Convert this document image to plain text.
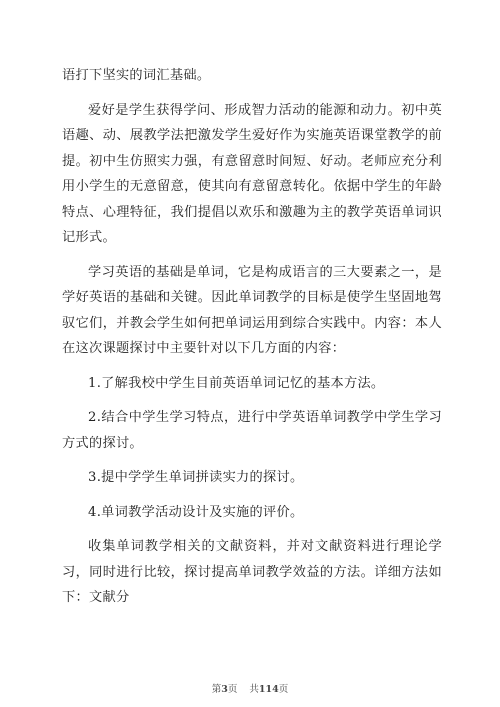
语打下坚实的词汇基础。

爱好是学生获得学问、形成智力活动的能源和动力。初中英语趣、动、展教学法把激发学生爱好作为实施英语课堂教学的前提。初中生仿照实力强，有意留意时间短、好动。老师应充分利用小学生的无意留意，使其向有意留意转化。依据中学生的年龄特点、心理特征，我们提倡以欢乐和激趣为主的教学英语单词识记形式。

学习英语的基础是单词，它是构成语言的三大要素之一，是学好英语的基础和关键。因此单词教学的目标是使学生坚固地驾驭它们，并教会学生如何把单词运用到综合实践中。内容：本人在这次课题探讨中主要针对以下几方面的内容：

1.了解我校中学生目前英语单词记忆的基本方法。

2.结合中学生学习特点，进行中学英语单词教学中学生学习方式的探讨。

3.提中学学生单词拼读实力的探讨。

4.单词教学活动设计及实施的评价。

收集单词教学相关的文献资料，并对文献资料进行理论学习，同时进行比较，探讨提高单词教学效益的方法。详细方法如下：文献分

第3页 共114页
